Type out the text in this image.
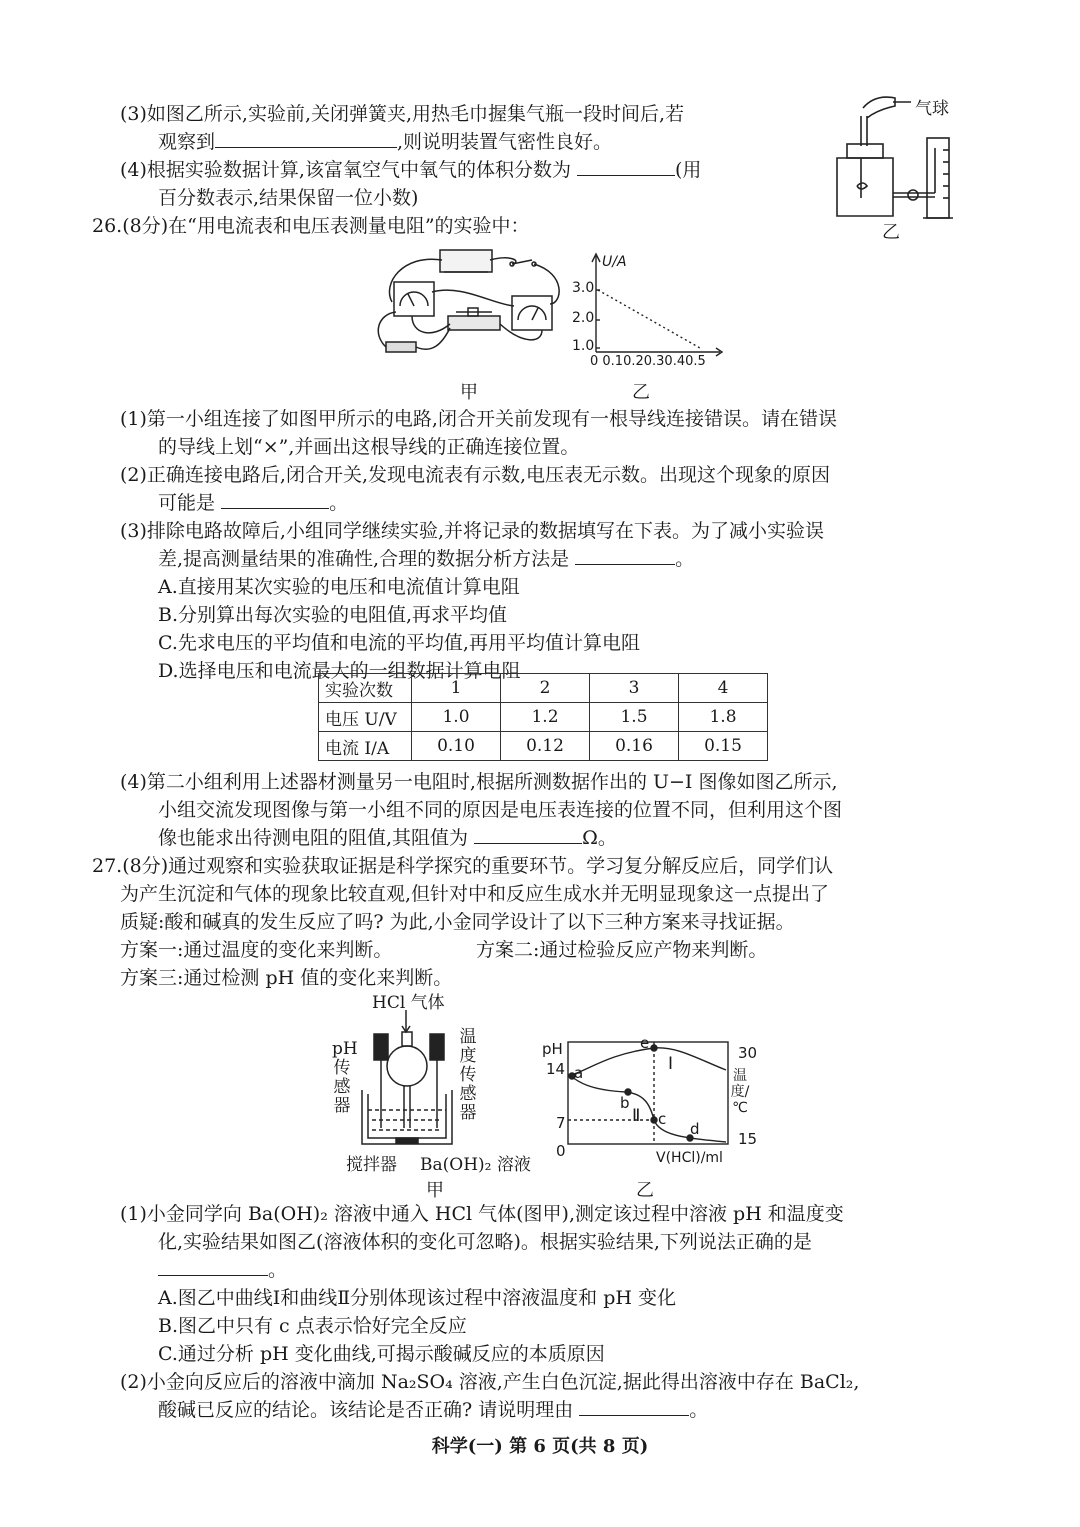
(3)如图乙所示,实验前,关闭弹簧夹,用热毛巾握集气瓶一段时间后,若
观察到	,则说明装置气密性良好。
(4)根据实验数据计算,该富氧空气中氧气的体积分数为	(用
百分数表示,结果保留一位小数)
气球
乙
26.(8分)在“用电流表和电压表测量电阻”的实验中：
甲
U/A
3.0
2.0
1.0
0 0.10.20.30.40.5
乙
(1)第一小组连接了如图甲所示的电路,闭合开关前发现有一根导线连接错误。请在错误
的导线上划“×”,并画出这根导线的正确连接位置。
(2)正确连接电路后,闭合开关,发现电流表有示数,电压表无示数。出现这个现象的原因
可能是	。
(3)排除电路故障后,小组同学继续实验,并将记录的数据填写在下表。为了减小实验误
差,提高测量结果的准确性,合理的数据分析方法是	。
A.直接用某次实验的电压和电流值计算电阻
B.分别算出每次实验的电阻值,再求平均值
C.先求电压的平均值和电流的平均值,再用平均值计算电阻
D.选择电压和电流最大的一组数据计算电阻
实验次数	1	2	3	4
电压 U/V	1.0	1.2	1.5	1.8
电流 I/A	0.10	0.12	0.16	0.15
(4)第二小组利用上述器材测量另一电阻时,根据所测数据作出的 U−I 图像如图乙所示,
小组交流发现图像与第一小组不同的原因是电压表连接的位置不同，但利用这个图
像也能求出待测电阻的阻值,其阻值为	Ω。
27.(8分)通过观察和实验获取证据是科学探究的重要环节。学习复分解反应后，同学们认
为产生沉淀和气体的现象比较直观,但针对中和反应生成水并无明显现象这一点提出了
质疑:酸和碱真的发生反应了吗? 为此,小金同学设计了以下三种方案来寻找证据。
方案一:通过温度的变化来判断。	方案二:通过检验反应产物来判断。
方案三:通过检测 pH 值的变化来判断。
HCl 气体
pH传感器
温度传感器
搅拌器 Ba(OH)₂ 溶液
甲
pH
14
7
0
30
15
温度/℃
V(HCl)/ml
a
b
c
d
e
Ⅰ
Ⅱ
乙
(1)小金同学向 Ba(OH)₂ 溶液中通入 HCl 气体(图甲),测定该过程中溶液 pH 和温度变
化,实验结果如图乙(溶液体积的变化可忽略)。根据实验结果,下列说法正确的是
。
A.图乙中曲线Ⅰ和曲线Ⅱ分别体现该过程中溶液温度和 pH 变化
B.图乙中只有 c 点表示恰好完全反应
C.通过分析 pH 变化曲线,可揭示酸碱反应的本质原因
(2)小金向反应后的溶液中滴加 Na₂SO₄ 溶液,产生白色沉淀,据此得出溶液中存在 BaCl₂,
酸碱已反应的结论。该结论是否正确? 请说明理由	。
科学(一) 第 6 页(共 8 页)
